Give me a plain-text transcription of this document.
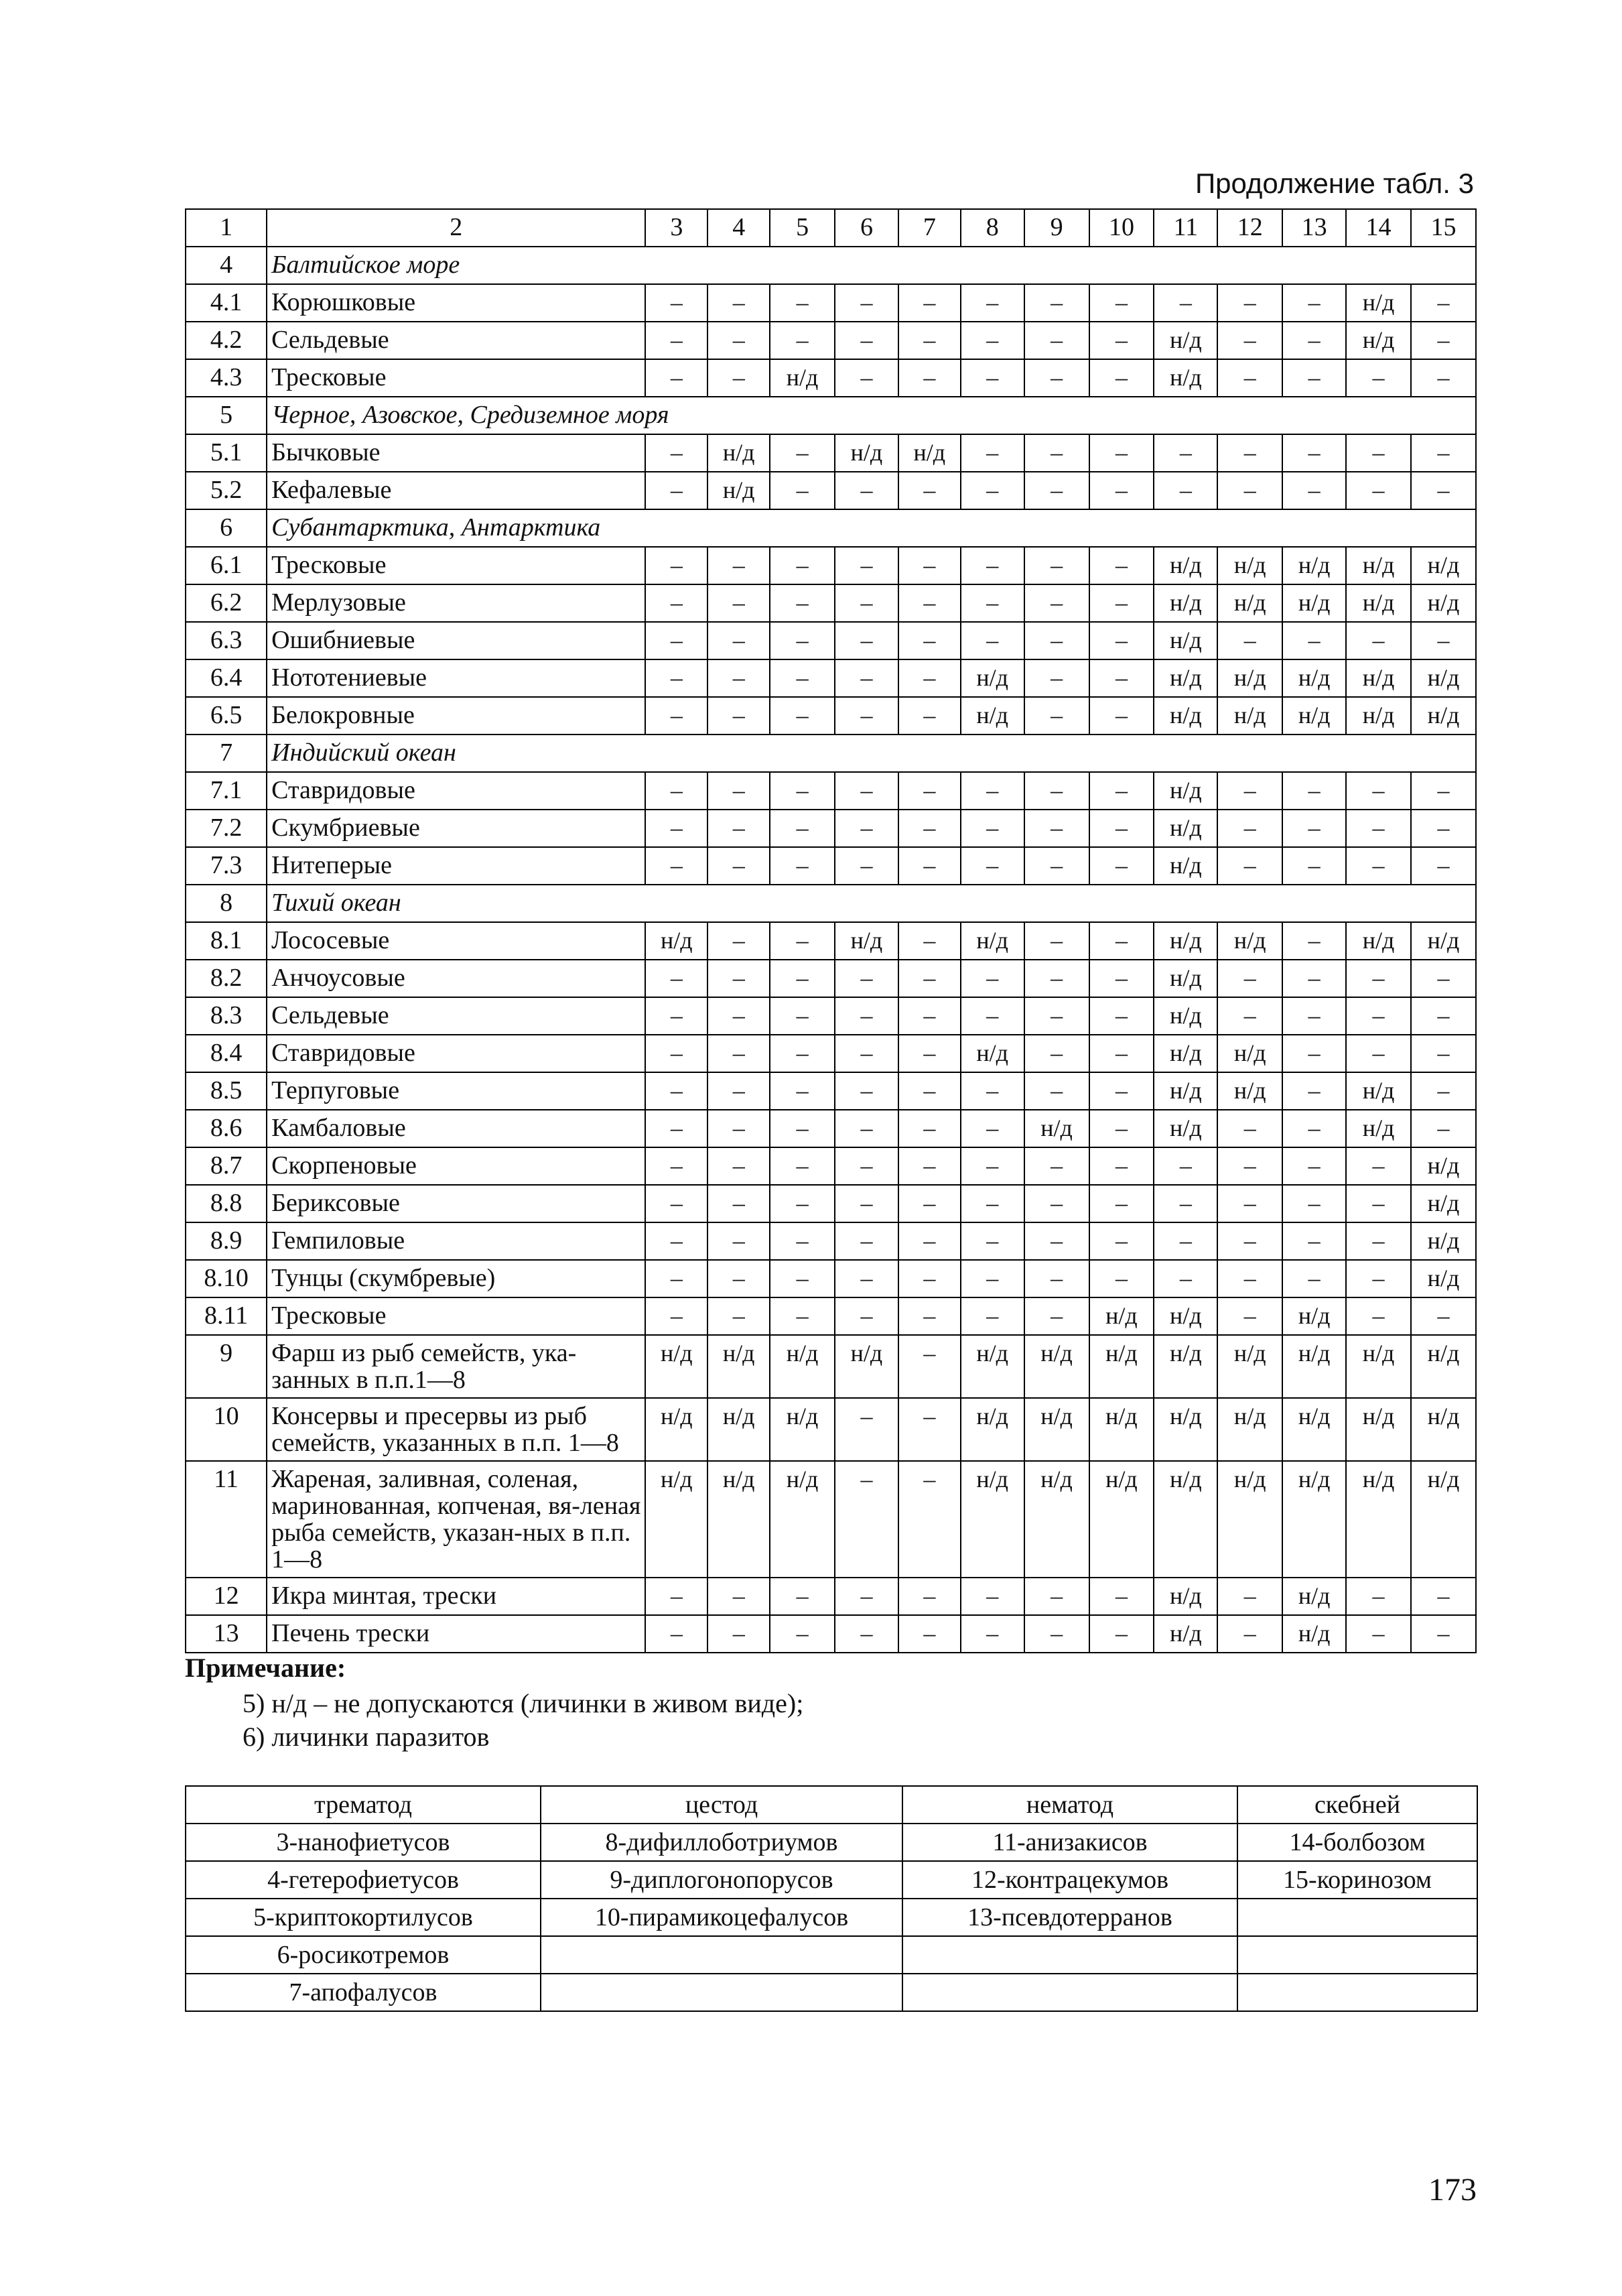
Продолжение табл. 3
1	2	3	4	5	6	7	8	9	10	11	12	13	14	15
4	Балтийское море													
4.1	Корюшковые	–	–	–	–	–	–	–	–	–	–	–	н/д	–
4.2	Сельдевые	–	–	–	–	–	–	–	–	н/д	–	–	н/д	–
4.3	Тресковые	–	–	н/д	–	–	–	–	–	н/д	–	–	–	–
5	Черное, Азовское, Средиземное моря													
5.1	Бычковые	–	н/д	–	н/д	н/д	–	–	–	–	–	–	–	–
5.2	Кефалевые	–	н/д	–	–	–	–	–	–	–	–	–	–	–
6	Субантарктика, Антарктика													
6.1	Тресковые	–	–	–	–	–	–	–	–	н/д	н/д	н/д	н/д	н/д
6.2	Мерлузовые	–	–	–	–	–	–	–	–	н/д	н/д	н/д	н/д	н/д
6.3	Ошибниевые	–	–	–	–	–	–	–	–	н/д	–	–	–	–
6.4	Нототениевые	–	–	–	–	–	н/д	–	–	н/д	н/д	н/д	н/д	н/д
6.5	Белокровные	–	–	–	–	–	н/д	–	–	н/д	н/д	н/д	н/д	н/д
7	Индийский океан													
7.1	Ставридовые	–	–	–	–	–	–	–	–	н/д	–	–	–	–
7.2	Скумбриевые	–	–	–	–	–	–	–	–	н/д	–	–	–	–
7.3	Нитеперые	–	–	–	–	–	–	–	–	н/д	–	–	–	–
8	Тихий океан													
8.1	Лососевые	н/д	–	–	н/д	–	н/д	–	–	н/д	н/д	–	н/д	н/д
8.2	Анчоусовые	–	–	–	–	–	–	–	–	н/д	–	–	–	–
8.3	Сельдевые	–	–	–	–	–	–	–	–	н/д	–	–	–	–
8.4	Ставридовые	–	–	–	–	–	н/д	–	–	н/д	н/д	–	–	–
8.5	Терпуговые	–	–	–	–	–	–	–	–	н/д	н/д	–	н/д	–
8.6	Камбаловые	–	–	–	–	–	–	н/д	–	н/д	–	–	н/д	–
8.7	Скорпеновые	–	–	–	–	–	–	–	–	–	–	–	–	н/д
8.8	Бериксовые	–	–	–	–	–	–	–	–	–	–	–	–	н/д
8.9	Гемпиловые	–	–	–	–	–	–	–	–	–	–	–	–	н/д
8.10	Тунцы (скумбревые)	–	–	–	–	–	–	–	–	–	–	–	–	н/д
8.11	Тресковые	–	–	–	–	–	–	–	н/д	н/д	–	н/д	–	–
9	Фарш из рыб семейств, ука-занных в п.п.1—8	н/д	н/д	н/д	н/д	–	н/д	н/д	н/д	н/д	н/д	н/д	н/д	н/д
10	Консервы и пресервы из рыб семейств, указанных в п.п. 1—8	н/д	н/д	н/д	–	–	н/д	н/д	н/д	н/д	н/д	н/д	н/д	н/д
11	Жареная, заливная, соленая, маринованная, копченая, вя-леная рыба семейств, указан-ных в п.п. 1—8	н/д	н/д	н/д	–	–	н/д	н/д	н/д	н/д	н/д	н/д	н/д	н/д
12	Икра минтая, трески	–	–	–	–	–	–	–	–	н/д	–	н/д	–	–
13	Печень трески	–	–	–	–	–	–	–	–	н/д	–	н/д	–	–
Примечание:
5) н/д – не допускаются (личинки в живом виде);
6) личинки паразитов
трематод	цестод	нематод	скебней
3-нанофиетусов	8-дифиллоботриумов	11-анизакисов	14-болбозом
4-гетерофиетусов	9-диплогонопорусов	12-контрацекумов	15-коринозом
5-криптокортилусов	10-пирамикоцефалусов	13-псевдотерранов	
6-росикотремов			
7-апофалусов			
173
